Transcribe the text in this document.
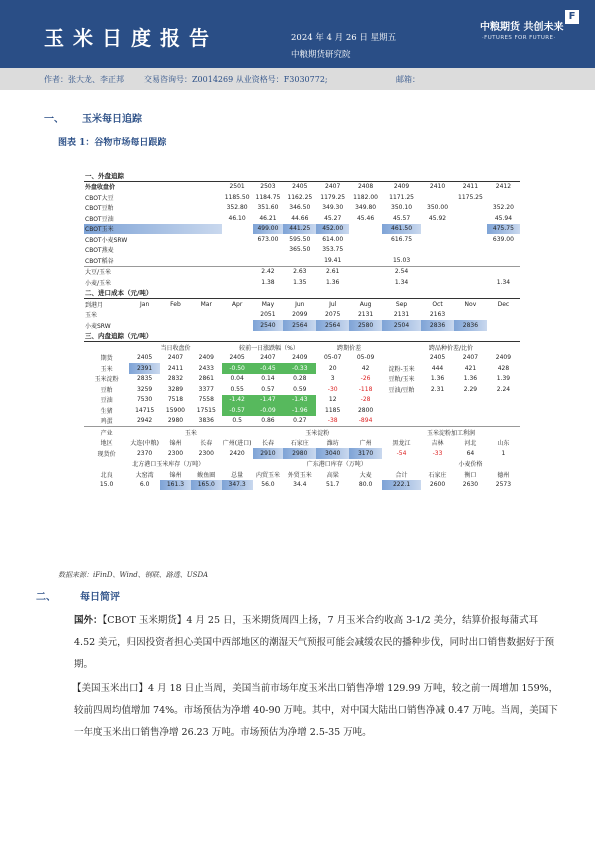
玉米日度报告	2024 年 4 月 26 日 星期五
中粮期货研究院
中粮期货 共创未来
·FUTURES FOR FUTURE·
F
作者：张大龙、李正邦	交易咨询号：Z0014269 从业资格号：F3030772;	邮箱：
一、 玉米每日追踪
图表 1：谷物市场每日跟踪
一、外盘追踪												
外盘收盘价				2501	2503	2405	2407	2408	2409	2410	2411	2412
CBOT大豆				1185.50	1184.75	1162.25	1179.25	1182.00	1171.25		1175.25	
CBOT豆粕				352.80	351.60	346.50	349.30	349.80	350.10	350.00		352.20
CBOT豆油				46.10	46.21	44.66	45.27	45.46	45.57	45.92		45.94
CBOT玉米					499.00	441.25	452.00		461.50			475.75
CBOT小麦SRW					673.00	595.50	614.00		616.75			639.00
CBOT燕麦						365.50	353.75					
CBOT稻谷							19.41		15.03			
大豆/玉米					2.42	2.63	2.61		2.54			
小麦/玉米					1.38	1.35	1.36		1.34			1.34
二、进口成本（元/吨）												
到港月	Jan	Feb	Mar	Apr	May	Jun	Jul	Aug	Sep	Oct	Nov	Dec
玉米					2051	2099	2075	2131	2131	2163		
小麦SRW					2540	2564	2564	2580	2504	2836	2836	
三、内盘追踪（元/吨）												
	当日收盘价			较前一日涨跌幅（%）			跨期价差		跨品种价差/比价			
期货	2405	2407	2409	2405	2407	2409	05-07	05-09		2405	2407	2409
玉米	2391	2411	2433	-0.50	-0.45	-0.33	20	42	淀粉-玉米	444	421	428
玉米淀粉	2835	2832	2861	0.04	0.14	0.28	3	-26	豆粕/玉米	1.36	1.36	1.39
豆粕	3259	3289	3377	0.55	0.57	0.59	-30	-118	豆油/豆粕	2.31	2.29	2.24
豆油	7530	7518	7558	-1.42	-1.47	-1.43	12	-28				
生猪	14715	15900	17515	-0.57	-0.09	-1.96	1185	2800				
鸡蛋	2942	2980	3836	0.5	0.86	0.27	-38	-894				
产业	玉米				玉米淀粉				玉米淀粉加工利润			
地区	大连(中粮)	锦州	长春	广州(进口)	长春	石家庄	潍坊	广州	黑龙江	吉林	河北	山东
现货价	2370	2300	2300	2420	2910	2980	3040	3170	-54	-33	64	1
北方港口玉米库存（万吨）					广东港口库存（万吨）					小麦价格		
北良	大窑湾	锦州	鲅鱼圈	总量	内贸玉米	外贸玉米	高粱	大麦	合计	石家庄	衡口	德州
15.0	6.0	161.3	165.0	347.3	56.0	34.4	51.7	80.0	222.1	2600	2630	2573
数据来源：iFinD、Wind、钢联、路透、USDA
二、 每日简评
国外：【CBOT 玉米期货】4 月 25 日，玉米期货周四上扬，7 月玉米合约收高 3-1/2 美分，结算价报每蒲式耳 4.52 美元，归因投资者担心美国中西部地区的潮湿天气预报可能会减缓农民的播种步伐，同时出口销售数据好于预期。
【美国玉米出口】4 月 18 日止当周，美国当前市场年度玉米出口销售净增 129.99 万吨，较之前一周增加 159%，较前四周均值增加 74%。市场预估为净增 40-90 万吨。其中，对中国大陆出口销售净减 0.47 万吨。当周，美国下一年度玉米出口销售净增 26.23 万吨。市场预估为净增 2.5-35 万吨。
